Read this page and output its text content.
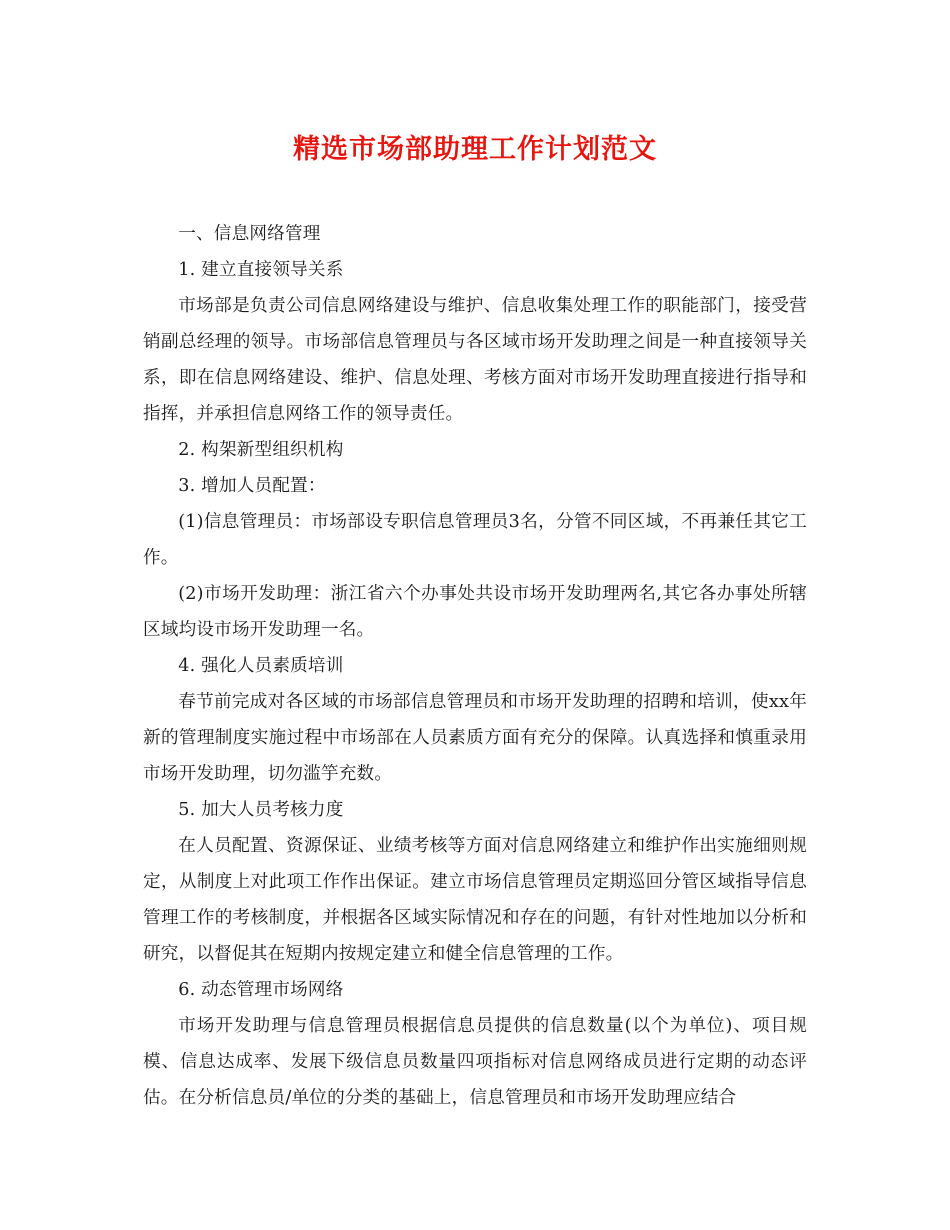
精选市场部助理工作计划范文

一、信息网络管理

1. 建立直接领导关系

市场部是负责公司信息网络建设与维护、信息收集处理工作的职能部门，接受营销副总经理的领导。市场部信息管理员与各区域市场开发助理之间是一种直接领导关系，即在信息网络建设、维护、信息处理、考核方面对市场开发助理直接进行指导和指挥，并承担信息网络工作的领导责任。

2. 构架新型组织机构

3. 增加人员配置：

(1)信息管理员：市场部设专职信息管理员3名，分管不同区域，不再兼任其它工作。

(2)市场开发助理：浙江省六个办事处共设市场开发助理两名,其它各办事处所辖区域均设市场开发助理一名。

4. 强化人员素质培训

春节前完成对各区域的市场部信息管理员和市场开发助理的招聘和培训，使xx年新的管理制度实施过程中市场部在人员素质方面有充分的保障。认真选择和慎重录用市场开发助理，切勿滥竽充数。

5. 加大人员考核力度

在人员配置、资源保证、业绩考核等方面对信息网络建立和维护作出实施细则规定，从制度上对此项工作作出保证。建立市场信息管理员定期巡回分管区域指导信息管理工作的考核制度，并根据各区域实际情况和存在的问题，有针对性地加以分析和研究，以督促其在短期内按规定建立和健全信息管理的工作。

6. 动态管理市场网络

市场开发助理与信息管理员根据信息员提供的信息数量(以个为单位)、项目规模、信息达成率、发展下级信息员数量四项指标对信息网络成员进行定期的动态评估。在分析信息员/单位的分类的基础上，信息管理员和市场开发助理应结合
